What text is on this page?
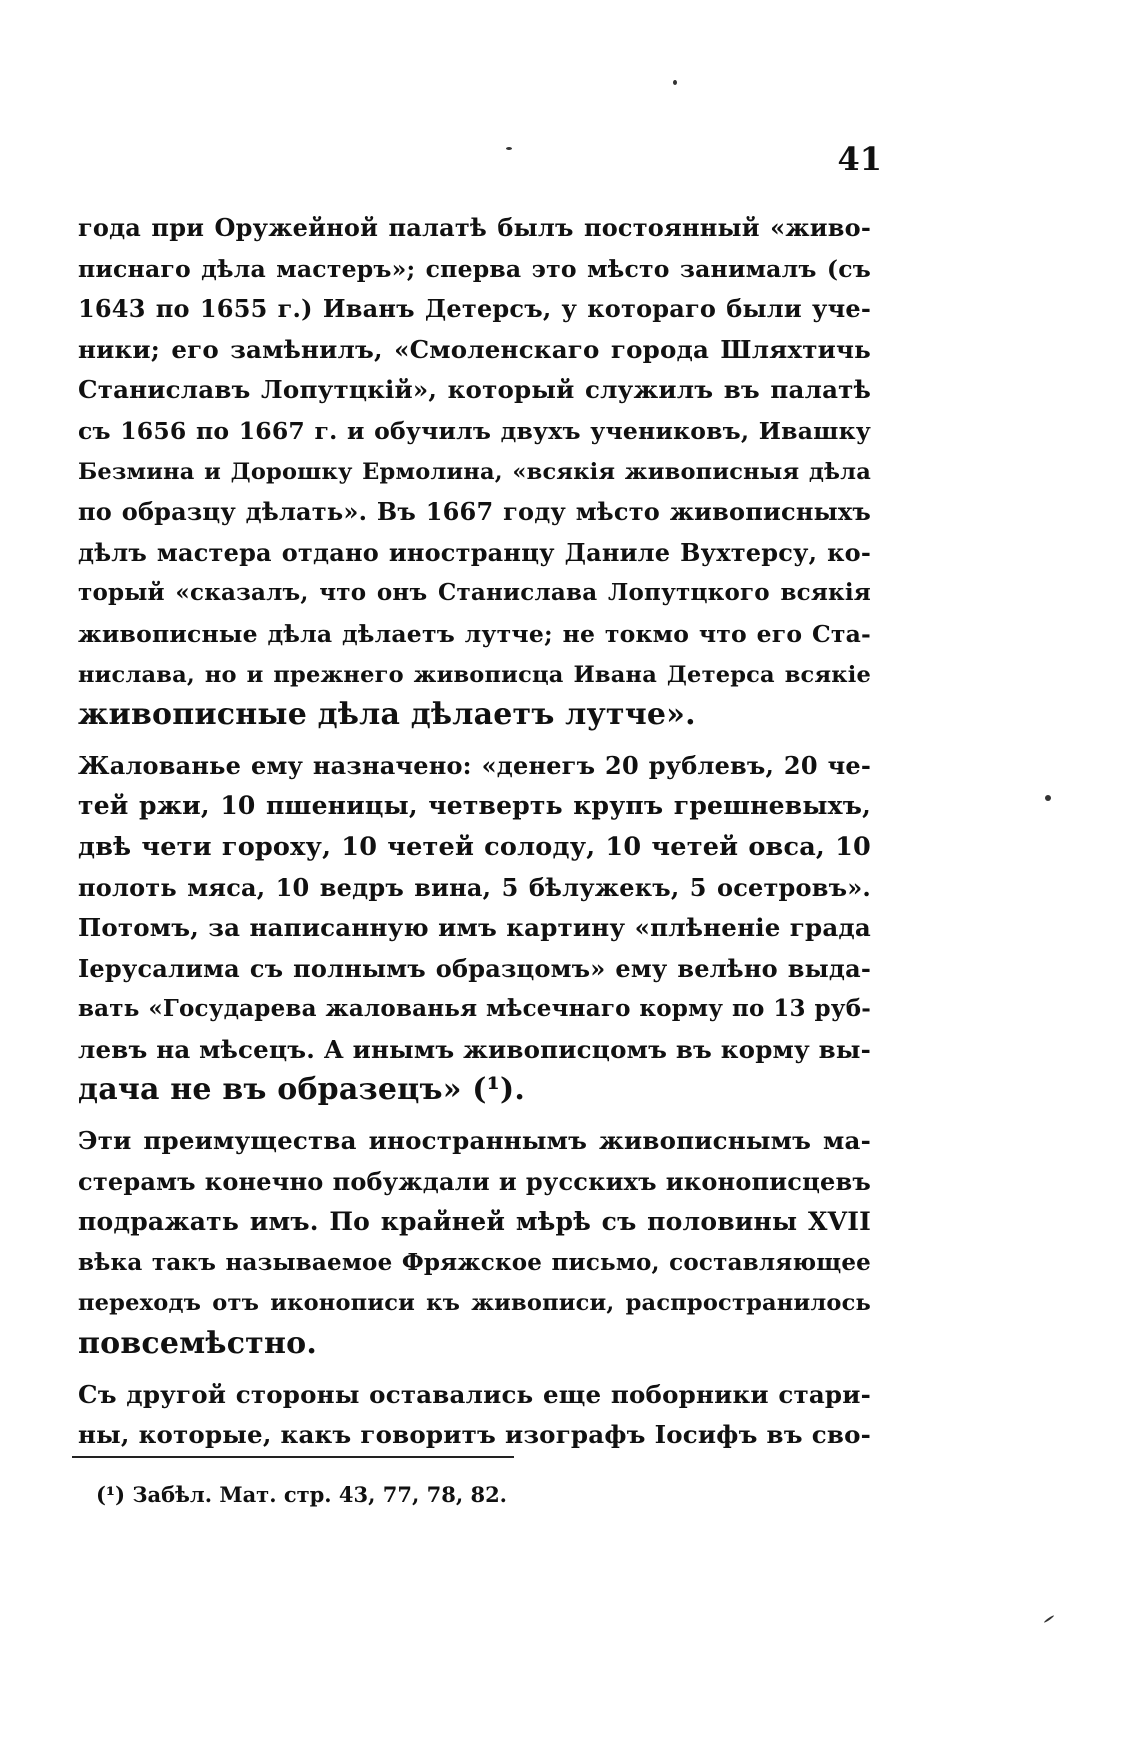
41
года при Оружейной палатѣ былъ постоянный «живо-
писнаго дѣла мастеръ»; сперва это мѣсто занималъ (съ
1643 по 1655 г.) Иванъ Детерсъ, у котораго были уче-
ники; его замѣнилъ, «Смоленскаго города Шляхтичь
Станиславъ Лопутцкій», который служилъ въ палатѣ
съ 1656 по 1667 г. и обучилъ двухъ учениковъ, Ивашку
Безмина и Дорошку Ермолина, «всякія живописныя дѣла
по образцу дѣлать». Въ 1667 году мѣсто живописныхъ
дѣлъ мастера отдано иностранцу Даниле Вухтерсу, ко-
торый «сказалъ, что онъ Станислава Лопутцкого всякія
живописные дѣла дѣлаетъ лутче; не токмо что его Ста-
нислава, но и прежнего живописца Ивана Детерса всякіе
живописные дѣла дѣлаетъ лутче».
Жалованье ему назначено: «денегъ 20 рублевъ, 20 че-
тей ржи, 10 пшеницы, четверть крупъ грешневыхъ,
двѣ чети гороху, 10 четей солоду, 10 четей овса, 10
полоть мяса, 10 ведръ вина, 5 бѣлужекъ, 5 осетровъ».
Потомъ, за написанную имъ картину «плѣненіе града
Іерусалима съ полнымъ образцомъ» ему велѣно выда-
вать «Государева жалованья мѣсечнаго корму по 13 руб-
левъ на мѣсецъ. А инымъ живописцомъ въ корму вы-
дача не въ образецъ» (¹).
Эти преимущества иностраннымъ живописнымъ ма-
стерамъ конечно побуждали и русскихъ иконописцевъ
подражать имъ. По крайней мѣрѣ съ половины XVII
вѣка такъ называемое Фряжское письмо, составляющее
переходъ отъ иконописи къ живописи, распространилось
повсемѣстно.
Съ другой стороны оставались еще поборники стари-
ны, которые, какъ говоритъ изографъ Іосифъ въ сво-
(¹) Забѣл. Мат. стр. 43, 77, 78, 82.
